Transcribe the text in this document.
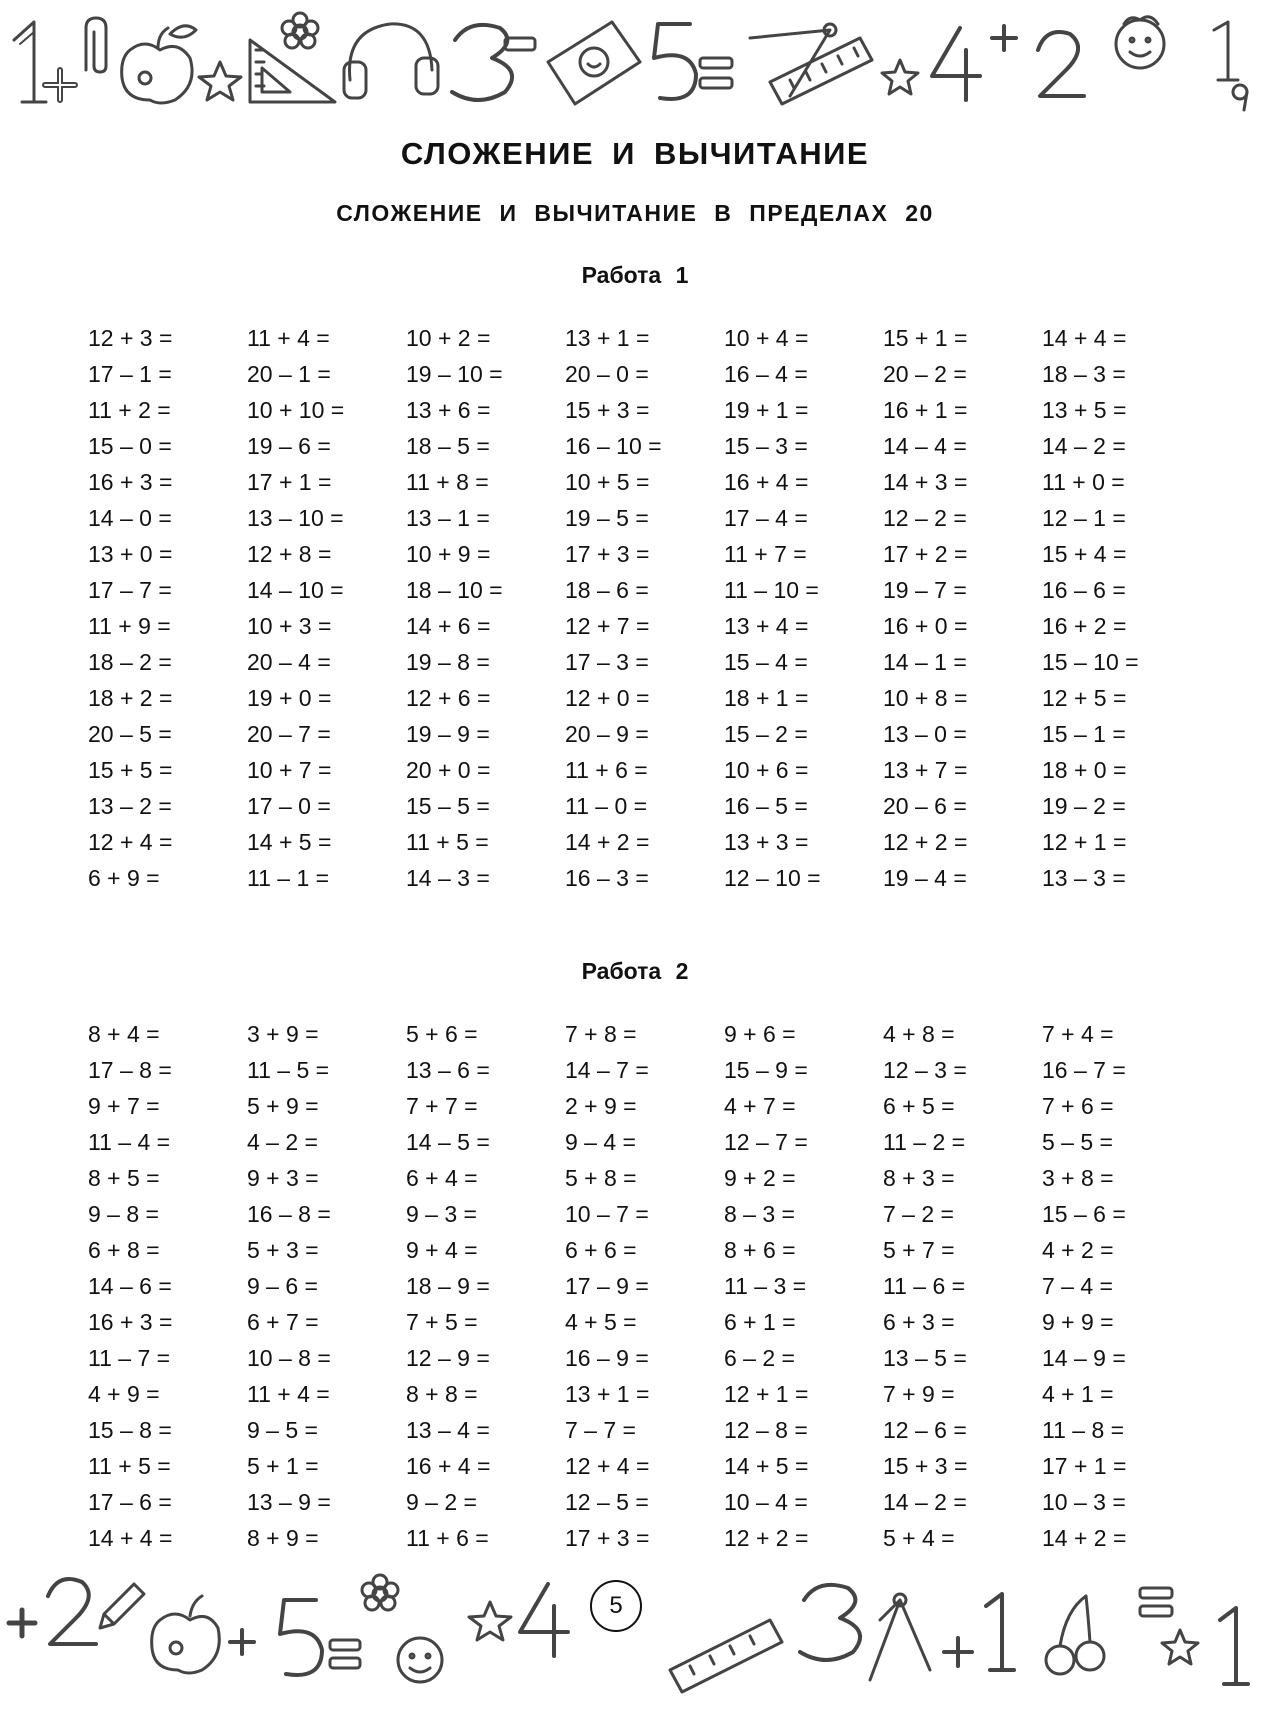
СЛОЖЕНИЕ И ВЫЧИТАНИЕ
СЛОЖЕНИЕ И ВЫЧИТАНИЕ В ПРЕДЕЛАХ 20
Работа 1
12 + 3 =	11 + 4 =	10 + 2 =	13 + 1 =	10 + 4 =	15 + 1 =	14 + 4 =
17 – 1 =	20 – 1 =	19 – 10 =	20 – 0 =	16 – 4 =	20 – 2 =	18 – 3 =
11 + 2 =	10 + 10 =	13 + 6 =	15 + 3 =	19 + 1 =	16 + 1 =	13 + 5 =
15 – 0 =	19 – 6 =	18 – 5 =	16 – 10 =	15 – 3 =	14 – 4 =	14 – 2 =
16 + 3 =	17 + 1 =	11 + 8 =	10 + 5 =	16 + 4 =	14 + 3 =	11 + 0 =
14 – 0 =	13 – 10 =	13 – 1 =	19 – 5 =	17 – 4 =	12 – 2 =	12 – 1 =
13 + 0 =	12 + 8 =	10 + 9 =	17 + 3 =	11 + 7 =	17 + 2 =	15 + 4 =
17 – 7 =	14 – 10 =	18 – 10 =	18 – 6 =	11 – 10 =	19 – 7 =	16 – 6 =
11 + 9 =	10 + 3 =	14 + 6 =	12 + 7 =	13 + 4 =	16 + 0 =	16 + 2 =
18 – 2 =	20 – 4 =	19 – 8 =	17 – 3 =	15 – 4 =	14 – 1 =	15 – 10 =
18 + 2 =	19 + 0 =	12 + 6 =	12 + 0 =	18 + 1 =	10 + 8 =	12 + 5 =
20 – 5 =	20 – 7 =	19 – 9 =	20 – 9 =	15 – 2 =	13 – 0 =	15 – 1 =
15 + 5 =	10 + 7 =	20 + 0 =	11 + 6 =	10 + 6 =	13 + 7 =	18 + 0 =
13 – 2 =	17 – 0 =	15 – 5 =	11 – 0 =	16 – 5 =	20 – 6 =	19 – 2 =
12 + 4 =	14 + 5 =	11 + 5 =	14 + 2 =	13 + 3 =	12 + 2 =	12 + 1 =
6 + 9 =	11 – 1 =	14 – 3 =	16 – 3 =	12 – 10 =	19 – 4 =	13 – 3 =
Работа 2
8 + 4 =	3 + 9 =	5 + 6 =	7 + 8 =	9 + 6 =	4 + 8 =	7 + 4 =
17 – 8 =	11 – 5 =	13 – 6 =	14 – 7 =	15 – 9 =	12 – 3 =	16 – 7 =
9 + 7 =	5 + 9 =	7 + 7 =	2 + 9 =	4 + 7 =	6 + 5 =	7 + 6 =
11 – 4 =	4 – 2 =	14 – 5 =	9 – 4 =	12 – 7 =	11 – 2 =	5 – 5 =
8 + 5 =	9 + 3 =	6 + 4 =	5 + 8 =	9 + 2 =	8 + 3 =	3 + 8 =
9 – 8 =	16 – 8 =	9 – 3 =	10 – 7 =	8 – 3 =	7 – 2 =	15 – 6 =
6 + 8 =	5 + 3 =	9 + 4 =	6 + 6 =	8 + 6 =	5 + 7 =	4 + 2 =
14 – 6 =	9 – 6 =	18 – 9 =	17 – 9 =	11 – 3 =	11 – 6 =	7 – 4 =
16 + 3 =	6 + 7 =	7 + 5 =	4 + 5 =	6 + 1 =	6 + 3 =	9 + 9 =
11 – 7 =	10 – 8 =	12 – 9 =	16 – 9 =	6 – 2 =	13 – 5 =	14 – 9 =
4 + 9 =	11 + 4 =	8 + 8 =	13 + 1 =	12 + 1 =	7 + 9 =	4 + 1 =
15 – 8 =	9 – 5 =	13 – 4 =	7 – 7 =	12 – 8 =	12 – 6 =	11 – 8 =
11 + 5 =	5 + 1 =	16 + 4 =	12 + 4 =	14 + 5 =	15 + 3 =	17 + 1 =
17 – 6 =	13 – 9 =	9 – 2 =	12 – 5 =	10 – 4 =	14 – 2 =	10 – 3 =
14 + 4 =	8 + 9 =	11 + 6 =	17 + 3 =	12 + 2 =	5 + 4 =	14 + 2 =
5
